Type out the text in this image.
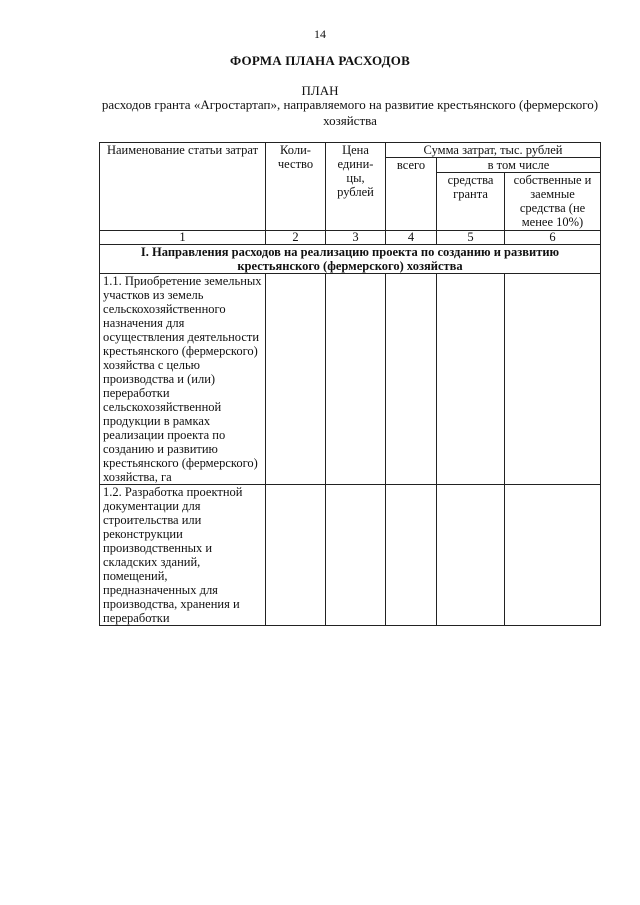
14
ФОРМА ПЛАНА РАСХОДОВ
ПЛАН
расходов гранта «Агростартап», направляемого на развитие крестьянского (фермерского) хозяйства
Наименование статьи затрат	Коли-чество	Цена едини-цы, рублей	Сумма затрат, тыс. рублей		
			всего	в том числе	
				средства гранта	собственные и заемные средства (не менее 10%)
1	2	3	4	5	6
I. Направления расходов на реализацию проекта по созданию и развитию крестьянского (фермерского) хозяйства					
1.1. Приобретение земельных участков из земель сельскохозяйственного назначения для осуществления деятельности крестьянского (фермерского) хозяйства с целью производства и (или) переработки сельскохозяйственной продукции в рамках реализации проекта по созданию и развитию крестьянского (фермерского) хозяйства, га					
1.2. Разработка проектной документации для строительства или реконструкции производственных и складских зданий, помещений, предназначенных для производства, хранения и переработки					
